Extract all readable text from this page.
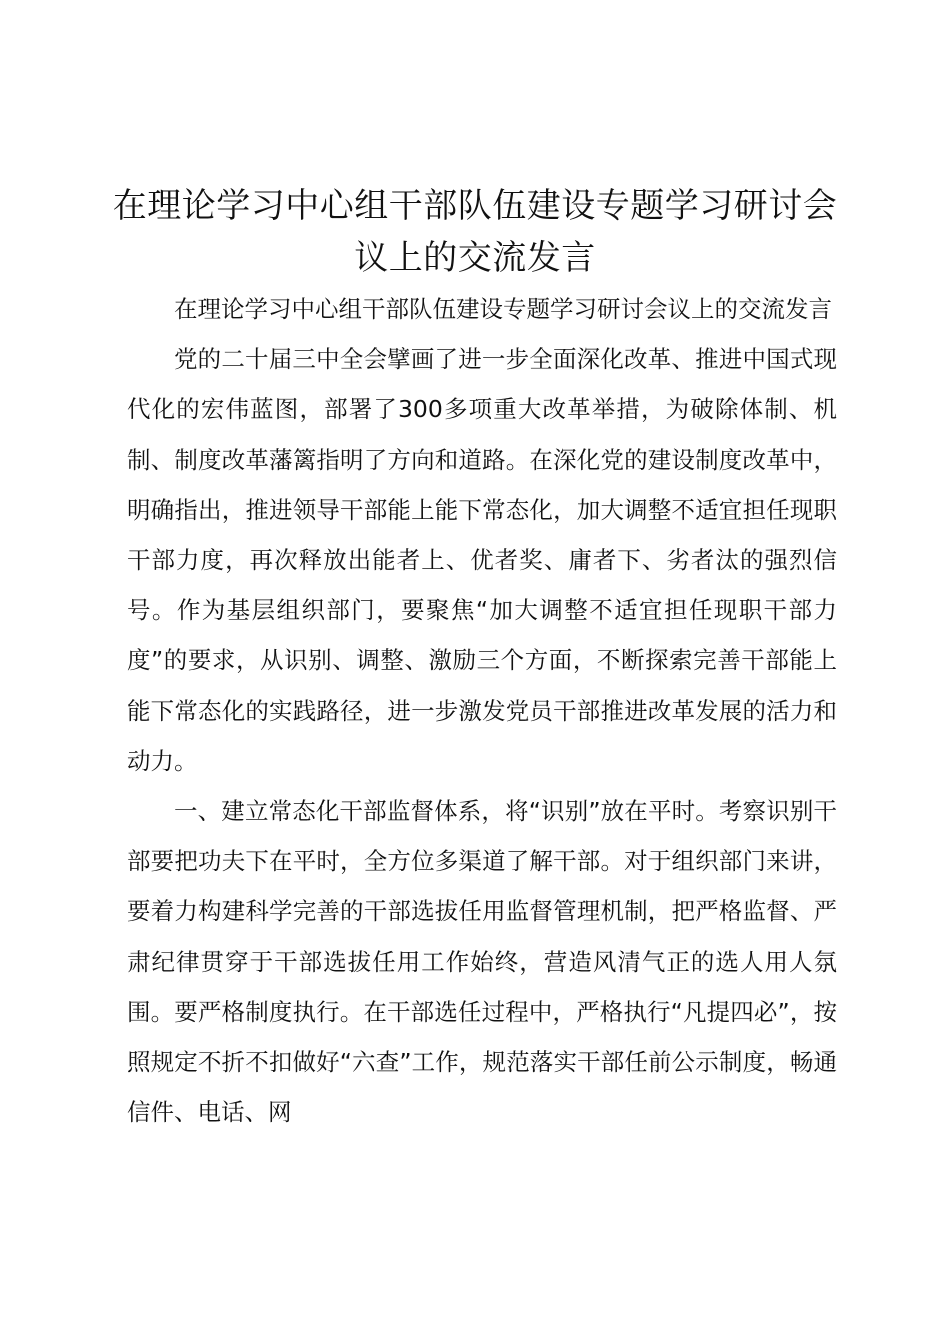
在理论学习中心组干部队伍建设专题学习研讨会议上的交流发言

在理论学习中心组干部队伍建设专题学习研讨会议上的交流发言

党的二十届三中全会擘画了进一步全面深化改革、推进中国式现代化的宏伟蓝图，部署了300多项重大改革举措，为破除体制、机制、制度改革藩篱指明了方向和道路。在深化党的建设制度改革中，明确指出，推进领导干部能上能下常态化，加大调整不适宜担任现职干部力度，再次释放出能者上、优者奖、庸者下、劣者汰的强烈信号。作为基层组织部门，要聚焦“加大调整不适宜担任现职干部力度”的要求，从识别、调整、激励三个方面，不断探索完善干部能上能下常态化的实践路径，进一步激发党员干部推进改革发展的活力和动力。

一、建立常态化干部监督体系，将“识别”放在平时。考察识别干部要把功夫下在平时，全方位多渠道了解干部。对于组织部门来讲，要着力构建科学完善的干部选拔任用监督管理机制，把严格监督、严肃纪律贯穿于干部选拔任用工作始终，营造风清气正的选人用人氛围。要严格制度执行。在干部选任过程中，严格执行“凡提四必”，按照规定不折不扣做好“六查”工作，规范落实干部任前公示制度，畅通信件、电话、网
